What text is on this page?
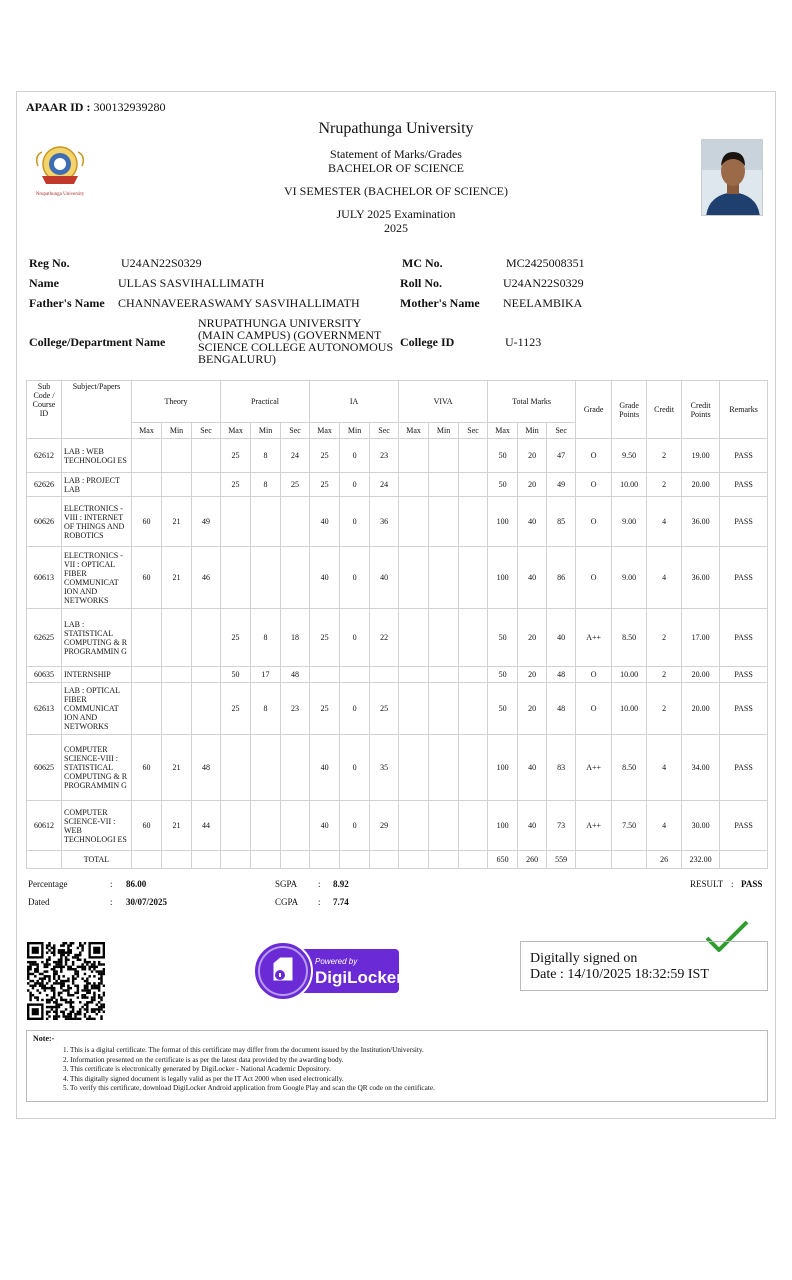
APAAR ID : 300132939280
Nrupathunga University
Nrupathunga University
Statement of Marks/Grades
BACHELOR OF SCIENCE
VI SEMESTER (BACHELOR OF SCIENCE)
JULY 2025 Examination
2025
Reg No.	U24AN22S0329	MC No.	MC2425008351
Name	ULLAS SASVIHALLIMATH	Roll No.	U24AN22S0329
Father's Name CHANNAVEERASWAMY SASVIHALLIMATH	Mother's Name NEELAMBIKA
College/Department Name
NRUPATHUNGA UNIVERSITY (MAIN CAMPUS) (GOVERNMENT SCIENCE COLLEGE AUTONOMOUS BENGALURU)
College ID	U-1123
Sub Code / Course ID	Subject/Papers	Theory			Practical			IA			VIVA			Total Marks			Grade	Grade Points	Credit	Credit Points	Remarks
		Max	Min	Sec	Max	Min	Sec	Max	Min	Sec	Max	Min	Sec	Max	Min	Sec					
62612	LAB : WEB TECHNOLOGI ES				25	8	24	25	0	23				50	20	47	O	9.50	2	19.00	PASS
62626	LAB : PROJECT LAB				25	8	25	25	0	24				50	20	49	O	10.00	2	20.00	PASS
60626	ELECTRONICS -VIII : INTERNET OF THINGS AND ROBOTICS	60	21	49				40	0	36				100	40	85	O	9.00	4	36.00	PASS
60613	ELECTRONICS -VII : OPTICAL FIBER COMMUNICAT ION AND NETWORKS	60	21	46				40	0	40				100	40	86	O	9.00	4	36.00	PASS
62625	LAB : STATISTICAL COMPUTING & R PROGRAMMIN G				25	8	18	25	0	22				50	20	40	A++	8.50	2	17.00	PASS
60635	INTERNSHIP				50	17	48							50	20	48	O	10.00	2	20.00	PASS
62613	LAB : OPTICAL FIBER COMMUNICAT ION AND NETWORKS				25	8	23	25	0	25				50	20	48	O	10.00	2	20.00	PASS
60625	COMPUTER SCIENCE-VIII : STATISTICAL COMPUTING & R PROGRAMMIN G	60	21	48				40	0	35				100	40	83	A++	8.50	4	34.00	PASS
60612	COMPUTER SCIENCE-VII : WEB TECHNOLOGI ES	60	21	44				40	0	29				100	40	73	A++	7.50	4	30.00	PASS
	TOTAL													650	260	559			26	232.00	
Percentage	: 86.00
Dated	: 30/07/2025
SGPA : 8.92
CGPA : 7.74
RESULT : PASS
Powered by
DigiLocker
Digitally signed on
Date : 14/10/2025 18:32:59 IST
Note:-
1. This is a digital certificate. The format of this certificate may differ from the document issued by the Institution/University.
2. Information presented on the certificate is as per the latest data provided by the awarding body.
3. This certificate is electronically generated by DigiLocker - National Academic Depository.
4. This digitally signed document is legally valid as per the IT Act 2000 when used electronically.
5. To verify this certificate, download DigiLocker Android application from Google Play and scan the QR code on the certificate.
